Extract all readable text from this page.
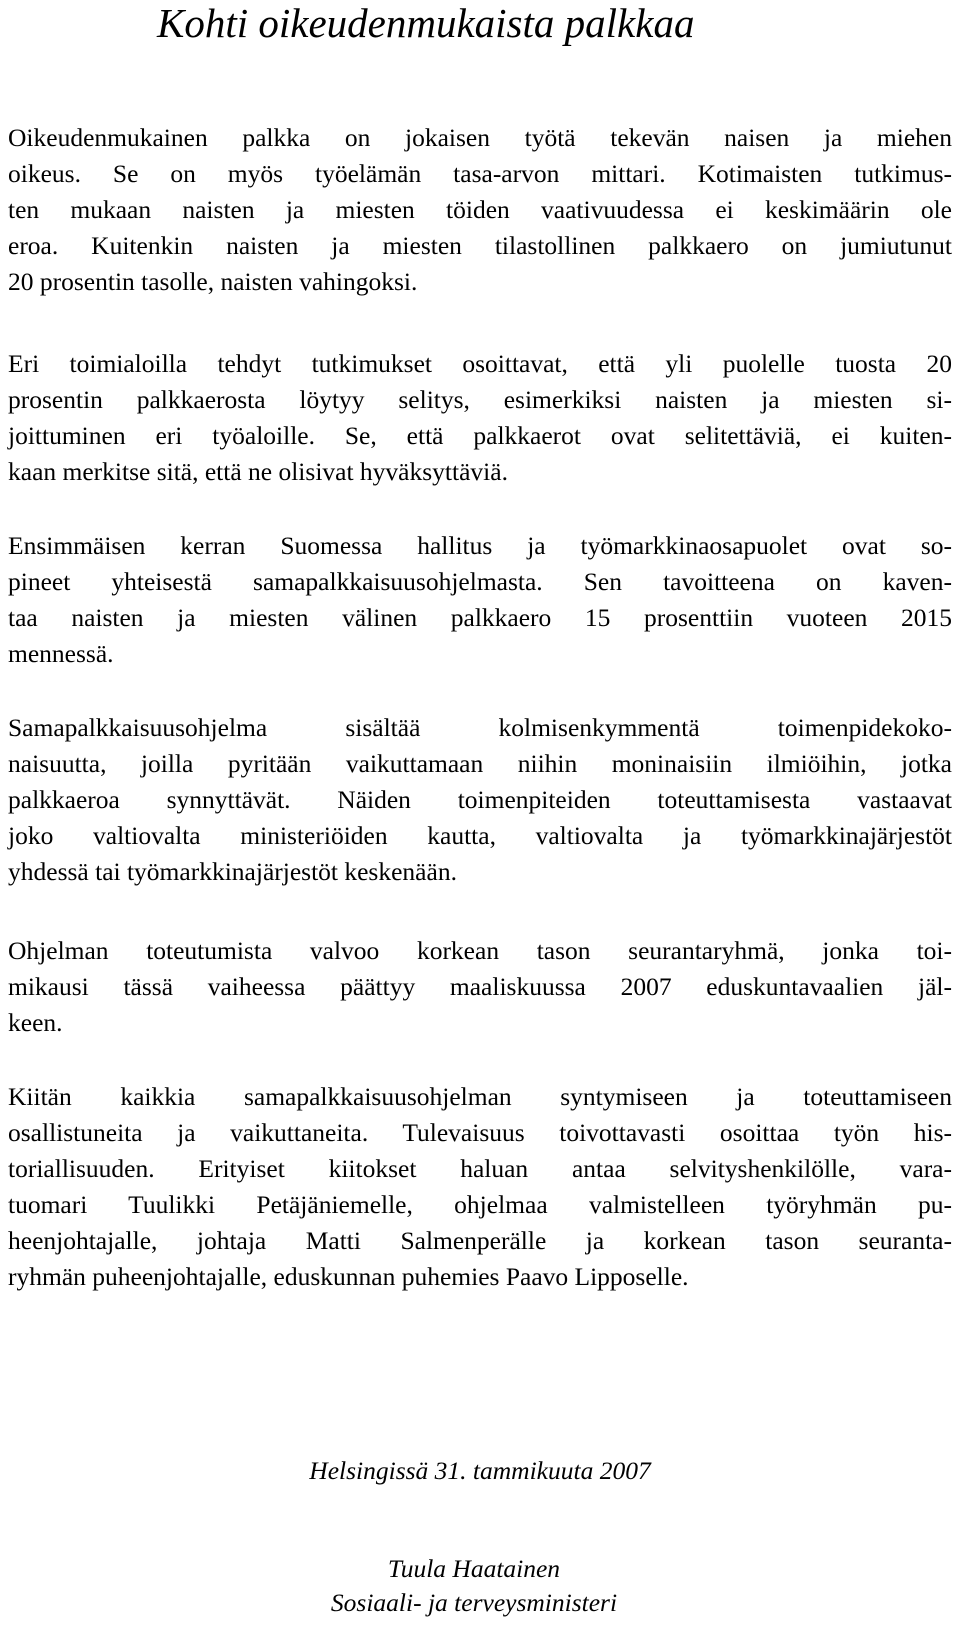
Kohti oikeudenmukaista palkkaa

Oikeudenmukainen palkka on jokaisen työtä tekevän naisen ja miehen
oikeus. Se on myös työelämän tasa-arvon mittari. Kotimaisten tutkimus-
ten mukaan naisten ja miesten töiden vaativuudessa ei keskimäärin ole
eroa. Kuitenkin naisten ja miesten tilastollinen palkkaero on jumiutunut
20 prosentin tasolle, naisten vahingoksi.

Eri toimialoilla tehdyt tutkimukset osoittavat, että yli puolelle tuosta 20
prosentin palkkaerosta löytyy selitys, esimerkiksi naisten ja miesten si-
joittuminen eri työaloille. Se, että palkkaerot ovat selitettäviä, ei kuiten-
kaan merkitse sitä, että ne olisivat hyväksyttäviä.

Ensimmäisen kerran Suomessa hallitus ja työmarkkinaosapuolet ovat so-
pineet yhteisestä samapalkkaisuusohjelmasta. Sen tavoitteena on kaven-
taa naisten ja miesten välinen palkkaero 15 prosenttiin vuoteen 2015
mennessä.

Samapalkkaisuusohjelma sisältää kolmisenkymmentä toimenpidekoko-
naisuutta, joilla pyritään vaikuttamaan niihin moninaisiin ilmiöihin, jotka
palkkaeroa synnyttävät. Näiden toimenpiteiden toteuttamisesta vastaavat
joko valtiovalta ministeriöiden kautta, valtiovalta ja työmarkkinajärjestöt
yhdessä tai työmarkkinajärjestöt keskenään.

Ohjelman toteutumista valvoo korkean tason seurantaryhmä, jonka toi-
mikausi tässä vaiheessa päättyy maaliskuussa 2007 eduskuntavaalien jäl-
keen.

Kiitän kaikkia samapalkkaisuusohjelman syntymiseen ja toteuttamiseen
osallistuneita ja vaikuttaneita. Tulevaisuus toivottavasti osoittaa työn his-
toriallisuuden. Erityiset kiitokset haluan antaa selvityshenkilölle, vara-
tuomari Tuulikki Petäjäniemelle, ohjelmaa valmistelleen työryhmän pu-
heenjohtajalle, johtaja Matti Salmenperälle ja korkean tason seuranta-
ryhmän puheenjohtajalle, eduskunnan puhemies Paavo Lipposelle.

Helsingissä 31. tammikuuta 2007
Tuula Haatainen
Sosiaali- ja terveysministeri
